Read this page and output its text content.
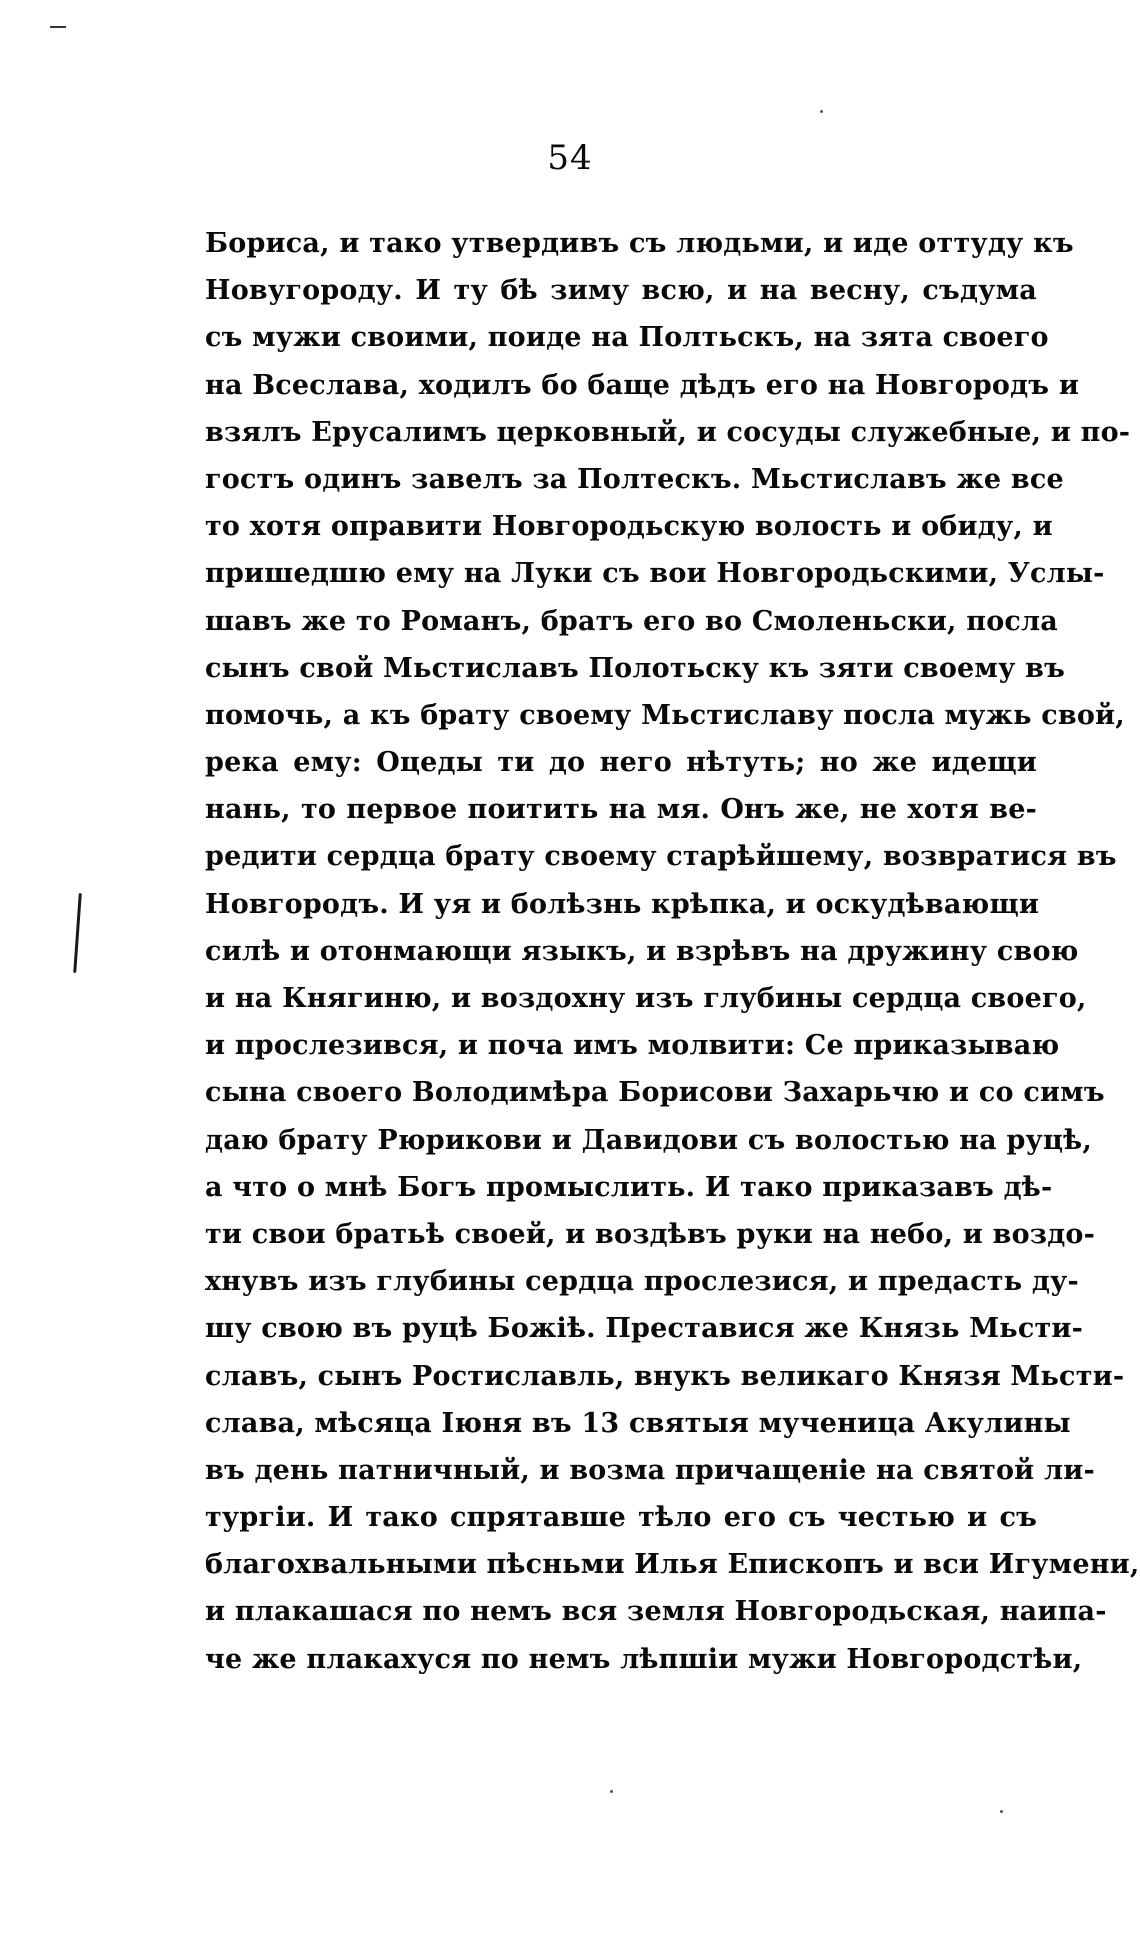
54
Бориса, и тако утвердивъ съ людьми, и иде оттуду къ
Новугороду. И ту бѣ зиму всю, и на весну, съдума
съ мужи своими, поиде на Полтьскъ, на зята своего
на Всеслава, ходилъ бо баще дѣдъ его на Новгородъ и
взялъ Ерусалимъ церковный, и сосуды служебные, и по-
гостъ одинъ завелъ за Полтескъ. Мьстиславъ же все
то хотя оправити Новгородьскую волость и обиду, и
пришедшю ему на Луки съ вои Новгородьскими, Услы-
шавъ же то Романъ, братъ его во Смоленьски, посла
сынъ свой Мьстиславъ Полотьску къ зяти своему въ
помочь, а къ брату своему Мьстиславу посла мужь свой,
река ему: Оцеды ти до него нѣтуть; но же идещи
нань, то первое поитить на мя. Онъ же, не хотя ве-
редити сердца брату своему старѣйшему, возвратися въ
Новгородъ. И уя и болѣзнь крѣпка, и оскудѣвающи
силѣ и отонмающи языкъ, и взрѣвъ на дружину свою
и на Княгиню, и воздохну изъ глубины сердца своего,
и прослезився, и поча имъ молвити: Се приказываю
сына своего Володимѣра Борисови Захарьчю и со симъ
даю брату Рюрикови и Давидови съ волостью на руцѣ,
а что о мнѣ Богъ промыслить. И тако приказавъ дѣ-
ти свои братьѣ своей, и воздѣвъ руки на небо, и воздо-
хнувъ изъ глубины сердца прослезися, и предасть ду-
шу свою въ руцѣ Божіѣ. Преставися же Князь Мьсти-
славъ, сынъ Ростиславль, внукъ великаго Князя Мьсти-
слава, мѣсяца Іюня въ 13 святыя мученица Акулины
въ день патничный, и возма причащеніе на святой ли-
тургіи. И тако спрятавше тѣло его съ честью и съ
благохвальными пѣсньми Илья Епископъ и вси Игумени,
и плакашася по немъ вся земля Новгородьская, наипа-
че же плакахуся по немъ лѣпшіи мужи Новгородстѣи,
